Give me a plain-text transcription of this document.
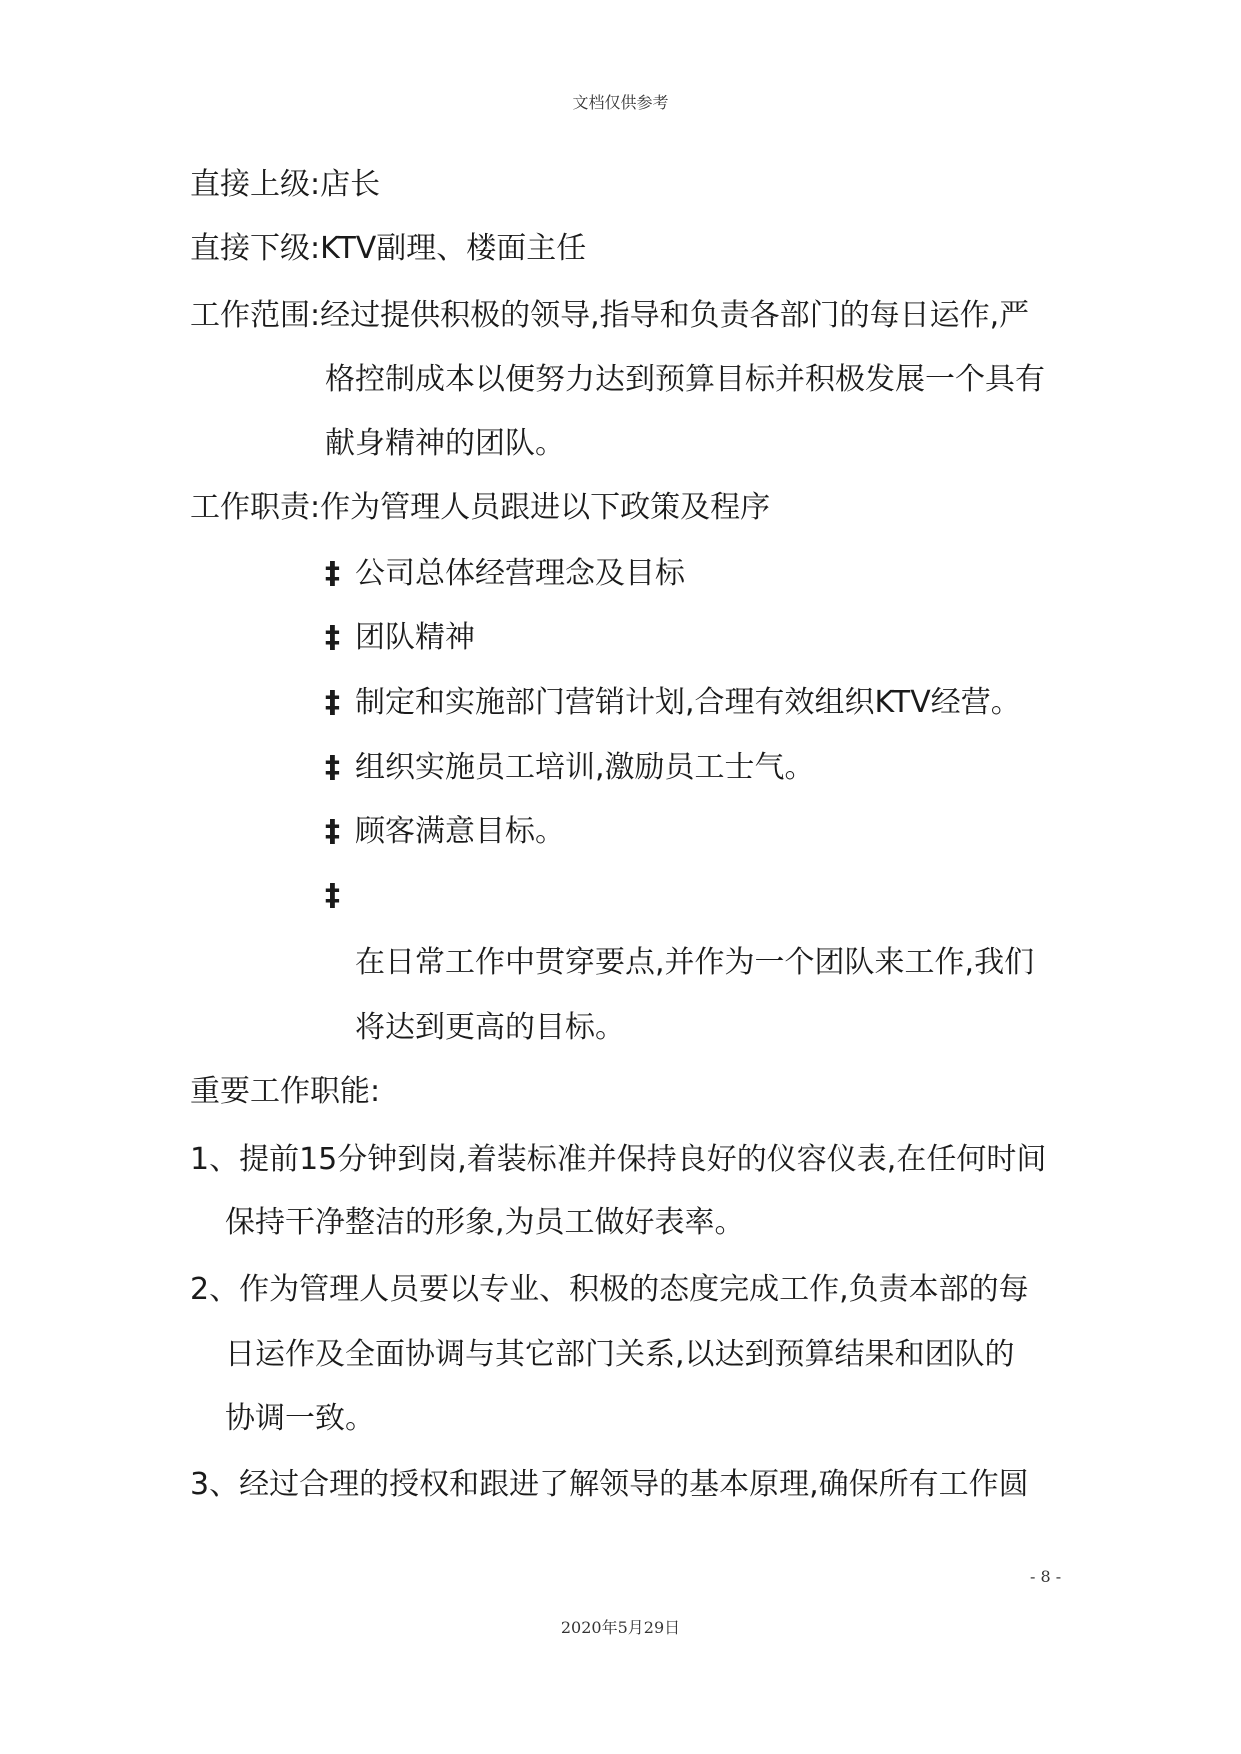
文档仅供参考
直接上级:店长
直接下级:KTV副理、楼面主任
工作范围:经过提供积极的领导,指导和负责各部门的每日运作,严
格控制成本以便努力达到预算目标并积极发展一个具有
献身精神的团队。
工作职责:作为管理人员跟进以下政策及程序
‡ 公司总体经营理念及目标
‡ 团队精神
‡ 制定和实施部门营销计划,合理有效组织KTV经营。
‡ 组织实施员工培训,激励员工士气。
‡ 顾客满意目标。
‡
在日常工作中贯穿要点,并作为一个团队来工作,我们
将达到更高的目标。
重要工作职能:
1、提前15分钟到岗,着装标准并保持良好的仪容仪表,在任何时间
保持干净整洁的形象,为员工做好表率。
2、作为管理人员要以专业、积极的态度完成工作,负责本部的每
日运作及全面协调与其它部门关系,以达到预算结果和团队的
协调一致。
3、经过合理的授权和跟进了解领导的基本原理,确保所有工作圆
- 8 -
2020年5月29日
